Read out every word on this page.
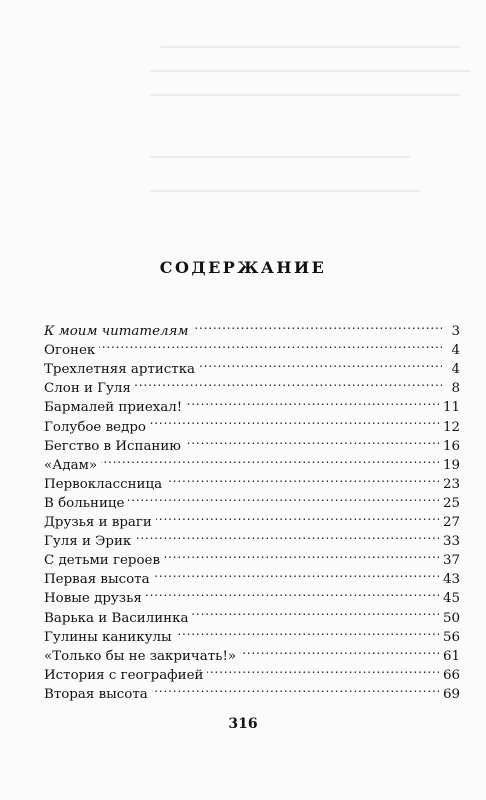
СОДЕРЖАНИЕ
К моим читателям . . .	3
Огонек . . .	4
Трехлетняя артистка . . .	4
Слон и Гуля . . .	8
Бармалей приехал! . . .	11
Голубое ведро . . .	12
Бегство в Испанию . . .	16
«Адам» . . .	19
Первоклассница . . .	23
В больнице . . .	25
Друзья и враги . . .	27
Гуля и Эрик . . .	33
С детьми героев . . .	37
Первая высота . . .	43
Новые друзья . . .	45
Варька и Василинка . . .	50
Гулины каникулы . . .	56
«Только бы не закричать!» . . .	61
История с географией . . .	66
Вторая высота . . .	69
316
